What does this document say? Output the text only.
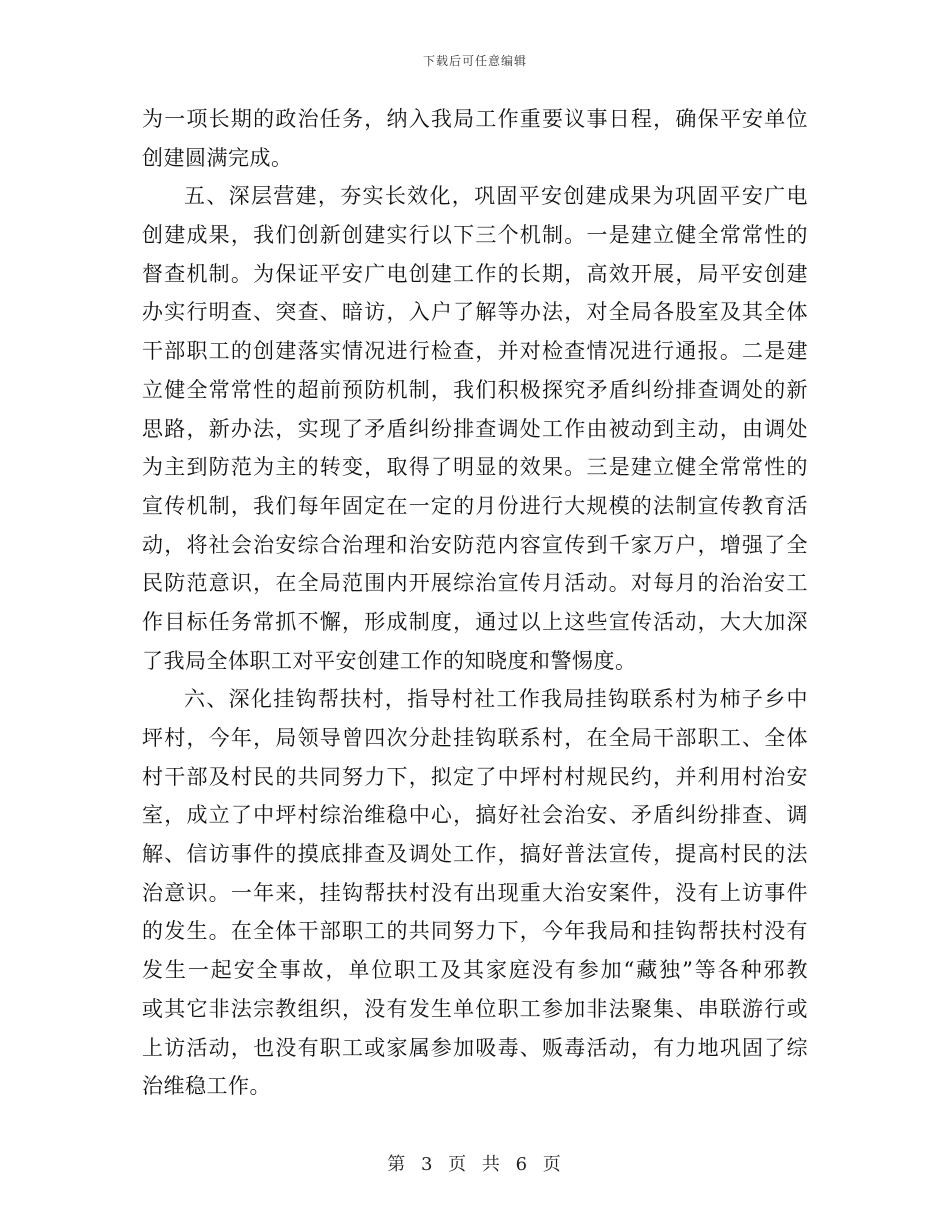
下载后可任意编辑
为一项长期的政治任务，纳入我局工作重要议事日程，确保平安单位
创建圆满完成。
五、深层营建，夯实长效化，巩固平安创建成果为巩固平安广电
创建成果，我们创新创建实行以下三个机制。一是建立健全常常性的
督查机制。为保证平安广电创建工作的长期，高效开展，局平安创建
办实行明查、突查、暗访，入户了解等办法，对全局各股室及其全体
干部职工的创建落实情况进行检查，并对检查情况进行通报。二是建
立健全常常性的超前预防机制，我们积极探究矛盾纠纷排查调处的新
思路，新办法，实现了矛盾纠纷排查调处工作由被动到主动，由调处
为主到防范为主的转变，取得了明显的效果。三是建立健全常常性的
宣传机制，我们每年固定在一定的月份进行大规模的法制宣传教育活
动，将社会治安综合治理和治安防范内容宣传到千家万户，增强了全
民防范意识，在全局范围内开展综治宣传月活动。对每月的治治安工
作目标任务常抓不懈，形成制度，通过以上这些宣传活动，大大加深
了我局全体职工对平安创建工作的知晓度和警惕度。
六、深化挂钩帮扶村，指导村社工作我局挂钩联系村为柿子乡中
坪村，今年，局领导曾四次分赴挂钩联系村，在全局干部职工、全体
村干部及村民的共同努力下，拟定了中坪村村规民约，并利用村治安
室，成立了中坪村综治维稳中心，搞好社会治安、矛盾纠纷排查、调
解、信访事件的摸底排查及调处工作，搞好普法宣传，提高村民的法
治意识。一年来，挂钩帮扶村没有出现重大治安案件，没有上访事件
的发生。在全体干部职工的共同努力下，今年我局和挂钩帮扶村没有
发生一起安全事故，单位职工及其家庭没有参加“藏独”等各种邪教
或其它非法宗教组织，没有发生单位职工参加非法聚集、串联游行或
上访活动，也没有职工或家属参加吸毒、贩毒活动，有力地巩固了综
治维稳工作。
第 3 页 共 6 页
